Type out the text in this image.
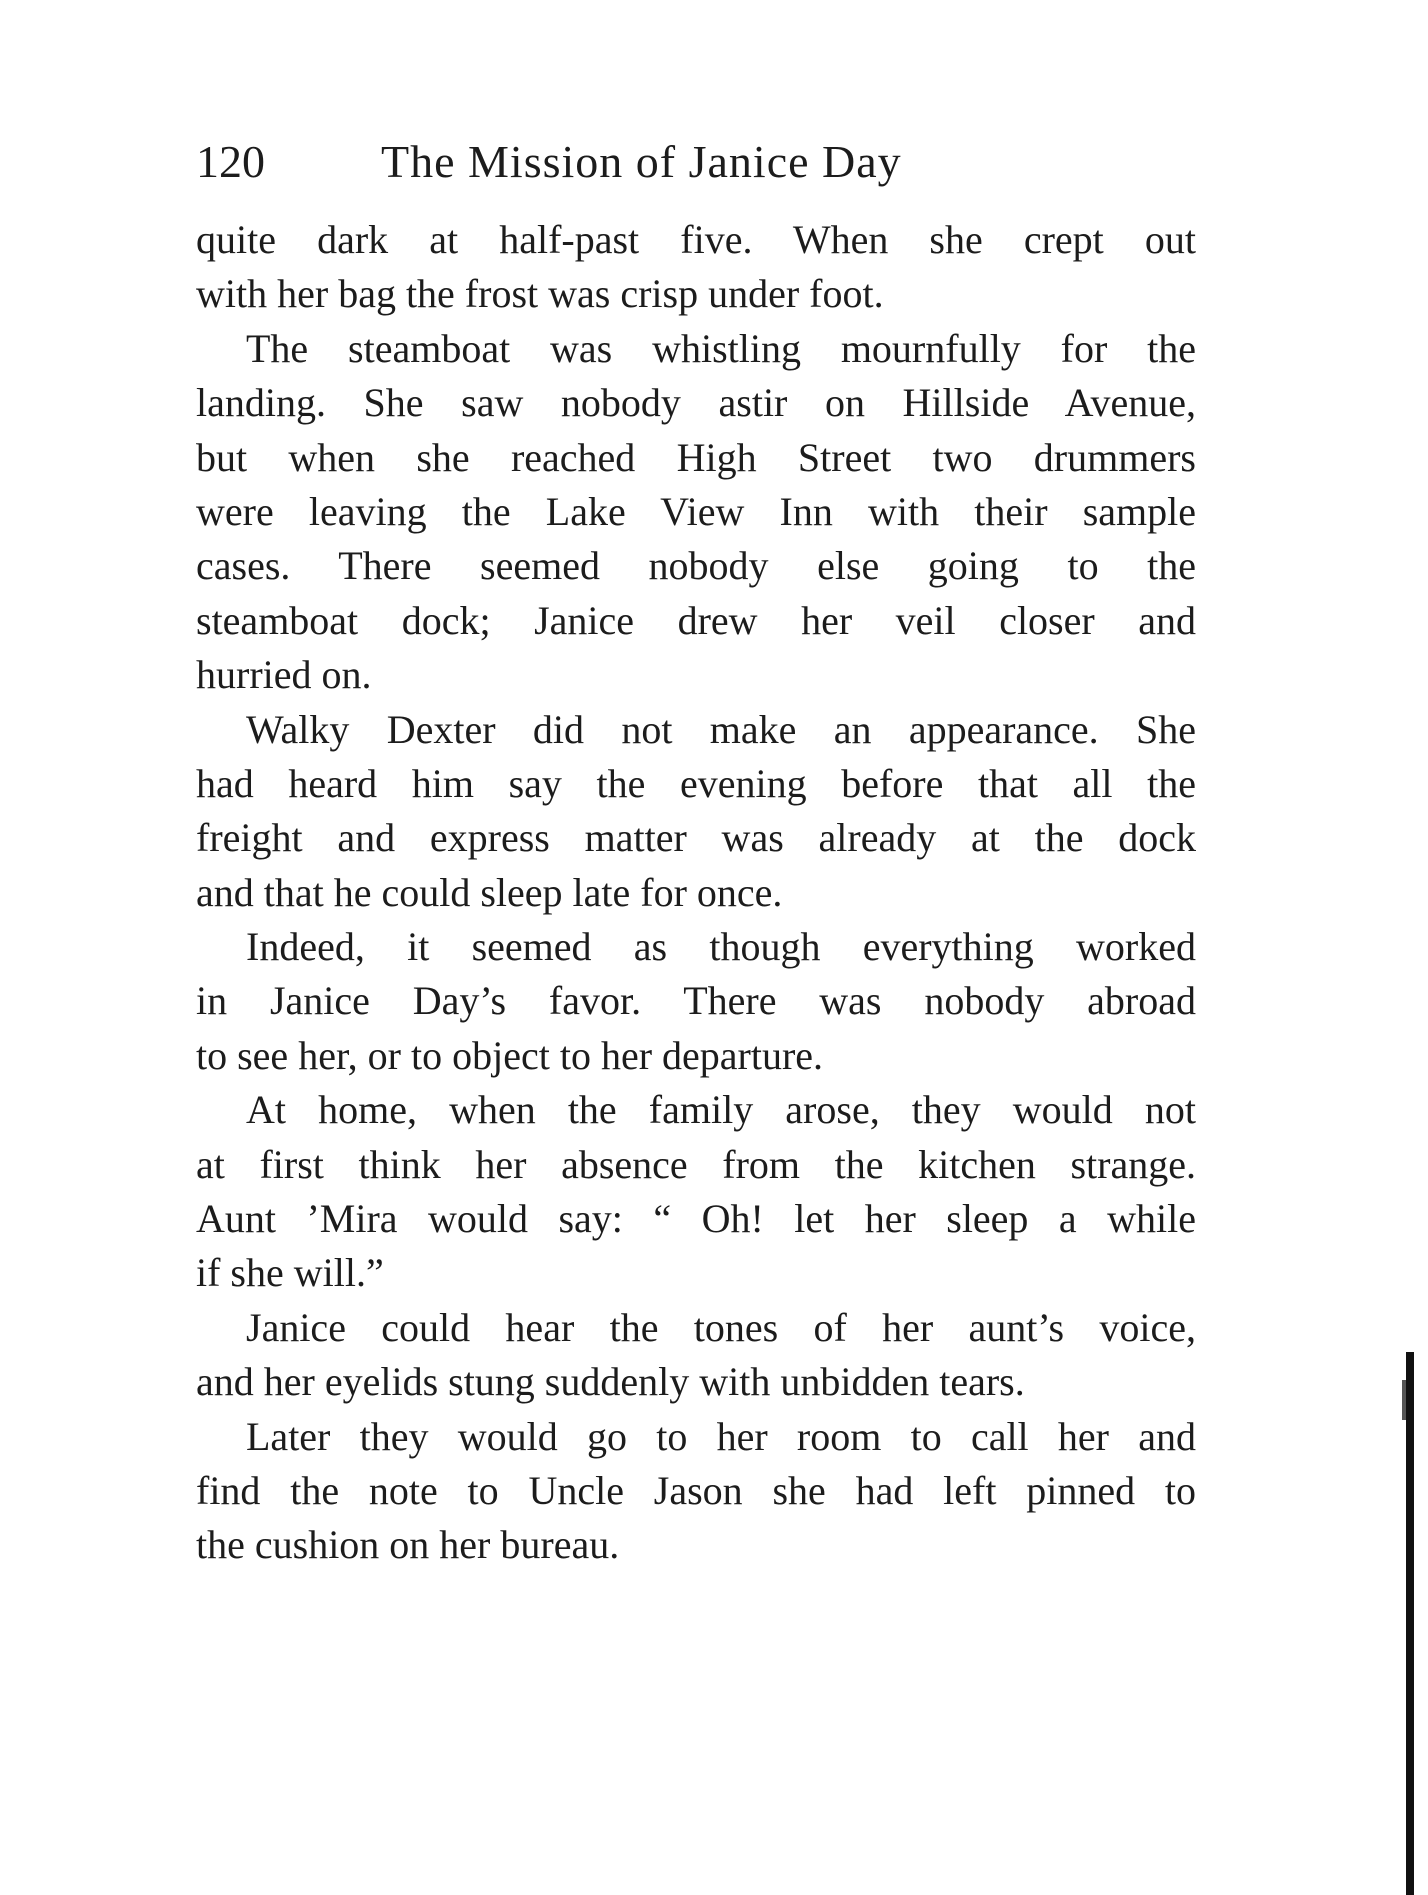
120	The Mission of Janice Day
quite dark at half-past five. When she crept out
with her bag the frost was crisp under foot.
The steamboat was whistling mournfully for the
landing. She saw nobody astir on Hillside Avenue,
but when she reached High Street two drummers
were leaving the Lake View Inn with their sample
cases. There seemed nobody else going to the
steamboat dock; Janice drew her veil closer and
hurried on.
Walky Dexter did not make an appearance. She
had heard him say the evening before that all the
freight and express matter was already at the dock
and that he could sleep late for once.
Indeed, it seemed as though everything worked
in Janice Day’s favor. There was nobody abroad
to see her, or to object to her departure.
At home, when the family arose, they would not
at first think her absence from the kitchen strange.
Aunt ’Mira would say: “ Oh! let her sleep a while
if she will.”
Janice could hear the tones of her aunt’s voice,
and her eyelids stung suddenly with unbidden tears.
Later they would go to her room to call her and
find the note to Uncle Jason she had left pinned to
the cushion on her bureau.
